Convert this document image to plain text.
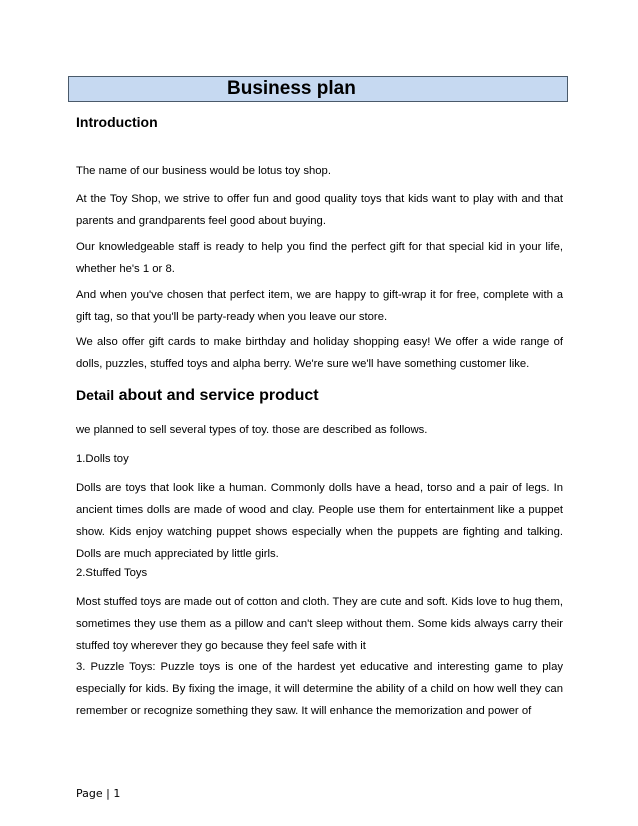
Business plan
Introduction

The name of our business would be lotus toy shop.

At the Toy Shop, we strive to offer fun and good quality toys that kids want to play with and that parents and grandparents feel good about buying.

Our knowledgeable staff is ready to help you find the perfect gift for that special kid in your life, whether he's 1 or 8.

And when you've chosen that perfect item, we are happy to gift-wrap it for free, complete with a gift tag, so that you'll be party-ready when you leave our store.

We also offer gift cards to make birthday and holiday shopping easy! We offer a wide range of dolls, puzzles, stuffed toys and alpha berry. We're sure we'll have something customer like.

Detail about and service product

we planned to sell several types of toy. those are described as follows.

1.Dolls toy

Dolls are toys that look like a human. Commonly dolls have a head, torso and a pair of legs. In ancient times dolls are made of wood and clay. People use them for entertainment like a puppet show. Kids enjoy watching puppet shows especially when the puppets are fighting and talking. Dolls are much appreciated by little girls.

2.Stuffed Toys

Most stuffed toys are made out of cotton and cloth. They are cute and soft. Kids love to hug them, sometimes they use them as a pillow and can't sleep without them. Some kids always carry their stuffed toy wherever they go because they feel safe with it

3. Puzzle Toys: Puzzle toys is one of the hardest yet educative and interesting game to play especially for kids. By fixing the image, it will determine the ability of a child on how well they can remember or recognize something they saw. It will enhance the memorization and power of

Page | 1
